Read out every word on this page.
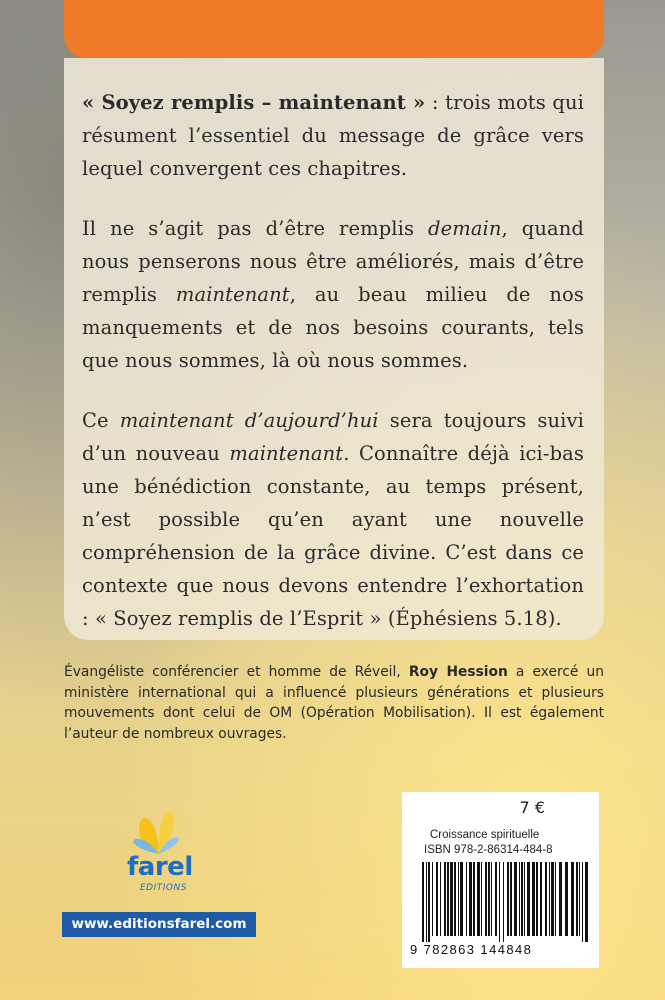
« Soyez remplis – maintenant » : trois mots qui résument l’essentiel du message de grâce vers lequel convergent ces chapitres.

Il ne s’agit pas d’être remplis demain, quand nous penserons nous être améliorés, mais d’être remplis maintenant, au beau milieu de nos manquements et de nos besoins courants, tels que nous sommes, là où nous sommes.

Ce maintenant d’aujourd’hui sera toujours suivi d’un nouveau maintenant. Connaître déjà ici-bas une bénédiction constante, au temps présent, n’est possible qu’en ayant une nouvelle compréhension de la grâce divine. C’est dans ce contexte que nous devons entendre l’exhortation : « Soyez remplis de l’Esprit » (Éphésiens 5.18).

Évangéliste conférencier et homme de Réveil, Roy Hession a exercé un ministère international qui a influencé plusieurs générations et plusieurs mouvements dont celui de OM (Opération Mobilisation). Il est également l’auteur de nombreux ouvrages.

farel
EDITIONS
www.editionsfarel.com
7 €
Croissance spirituelle
ISBN 978-2-86314-484-8
9 782863 144848
